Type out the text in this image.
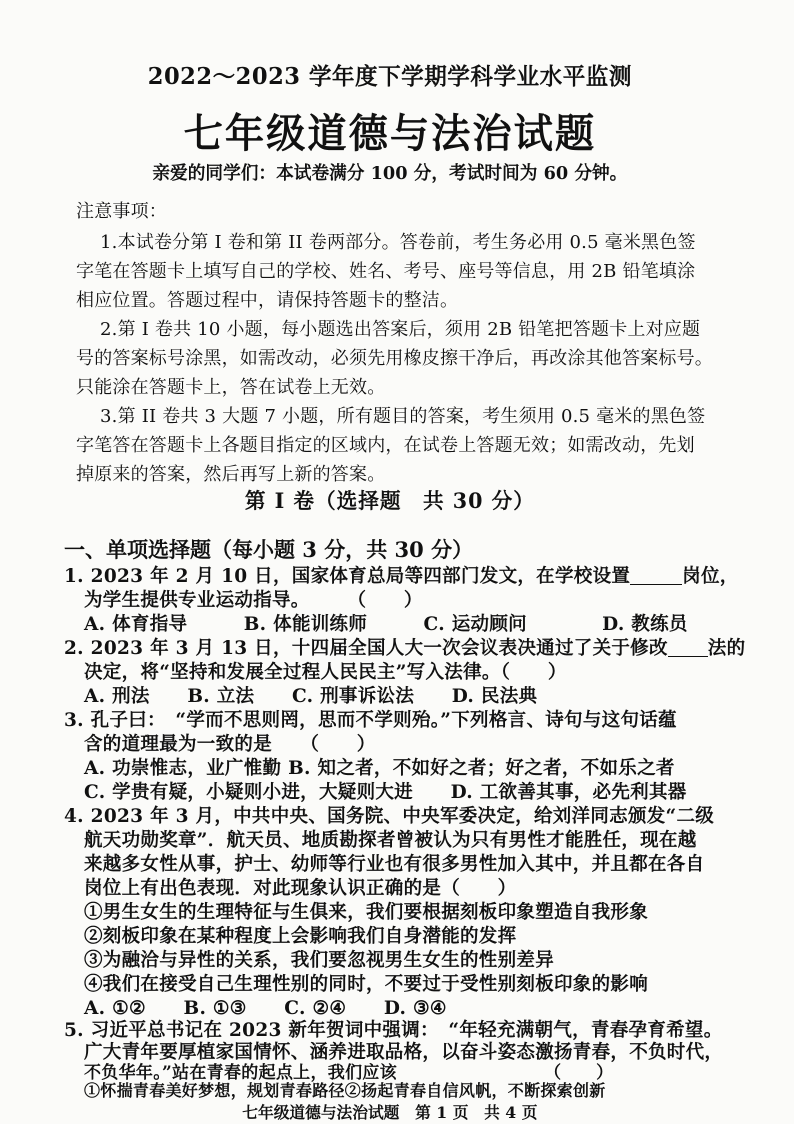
2022～2023 学年度下学期学科学业水平监测
七年级道德与法治试题
亲爱的同学们：本试卷满分 100 分，考试时间为 60 分钟。
注意事项：
1.本试卷分第 I 卷和第 II 卷两部分。答卷前，考生务必用 0.5 毫米黑色签
字笔在答题卡上填写自己的学校、姓名、考号、座号等信息，用 2B 铅笔填涂
相应位置。答题过程中，请保持答题卡的整洁。
2.第 I 卷共 10 小题，每小题选出答案后，须用 2B 铅笔把答题卡上对应题
号的答案标号涂黑，如需改动，必须先用橡皮擦干净后，再改涂其他答案标号。
只能涂在答题卡上，答在试卷上无效。
3.第 II 卷共 3 大题 7 小题，所有题目的答案，考生须用 0.5 毫米的黑色签
字笔答在答题卡上各题目指定的区域内，在试卷上答题无效；如需改动，先划
掉原来的答案，然后再写上新的答案。
第 I 卷（选择题　共 30 分）
一、单项选择题（每小题 3 分，共 30 分）
1. 2023 年 2 月 10 日，国家体育总局等四部门发文，在学校设置	岗位，
为学生提供专业运动指导。　　　（　　）
A. 体育指导　　　B. 体能训练师　　　C. 运动顾问　　　　D. 教练员
2. 2023 年 3 月 13 日，十四届全国人大一次会议表决通过了关于修改 法的
决定，将“坚持和发展全过程人民民主”写入法律。（　　）
A. 刑法　　B. 立法　　C. 刑事诉讼法　　D. 民法典
3. 孔子曰：　“学而不思则罔，思而不学则殆。”下列格言、诗句与这句话蕴
含的道理最为一致的是　　（　　）
A. 功崇惟志，业广惟勤 B. 知之者，不如好之者；好之者，不如乐之者
C. 学贵有疑，小疑则小进，大疑则大进　　D. 工欲善其事，必先利其器
4. 2023 年 3 月，中共中央、国务院、中央军委决定，给刘洋同志颁发“二级
航天功勋奖章”．航天员、地质勘探者曾被认为只有男性才能胜任，现在越
来越多女性从事，护士、幼师等行业也有很多男性加入其中，并且都在各自
岗位上有出色表现．对此现象认识正确的是（　　）
①男生女生的生理特征与生俱来，我们要根据刻板印象塑造自我形象
②刻板印象在某种程度上会影响我们自身潜能的发挥
③为融洽与异性的关系，我们要忽视男生女生的性别差异
④我们在接受自己生理性别的同时，不要过于受性别刻板印象的影响
A. ①②　　B. ①③　　C. ②④　　D. ③④
5. 习近平总书记在 2023 新年贺词中强调：　“年轻充满朝气，青春孕育希望。
广大青年要厚植家国情怀、涵养进取品格，以奋斗姿态激扬青春，不负时代，
不负华年。”站在青春的起点上，我们应该　　　　　　　　　（　　）
①怀揣青春美好梦想，规划青春路径②扬起青春自信风帆，不断探索创新
七年级道德与法治试题　第 1 页　共 4 页
